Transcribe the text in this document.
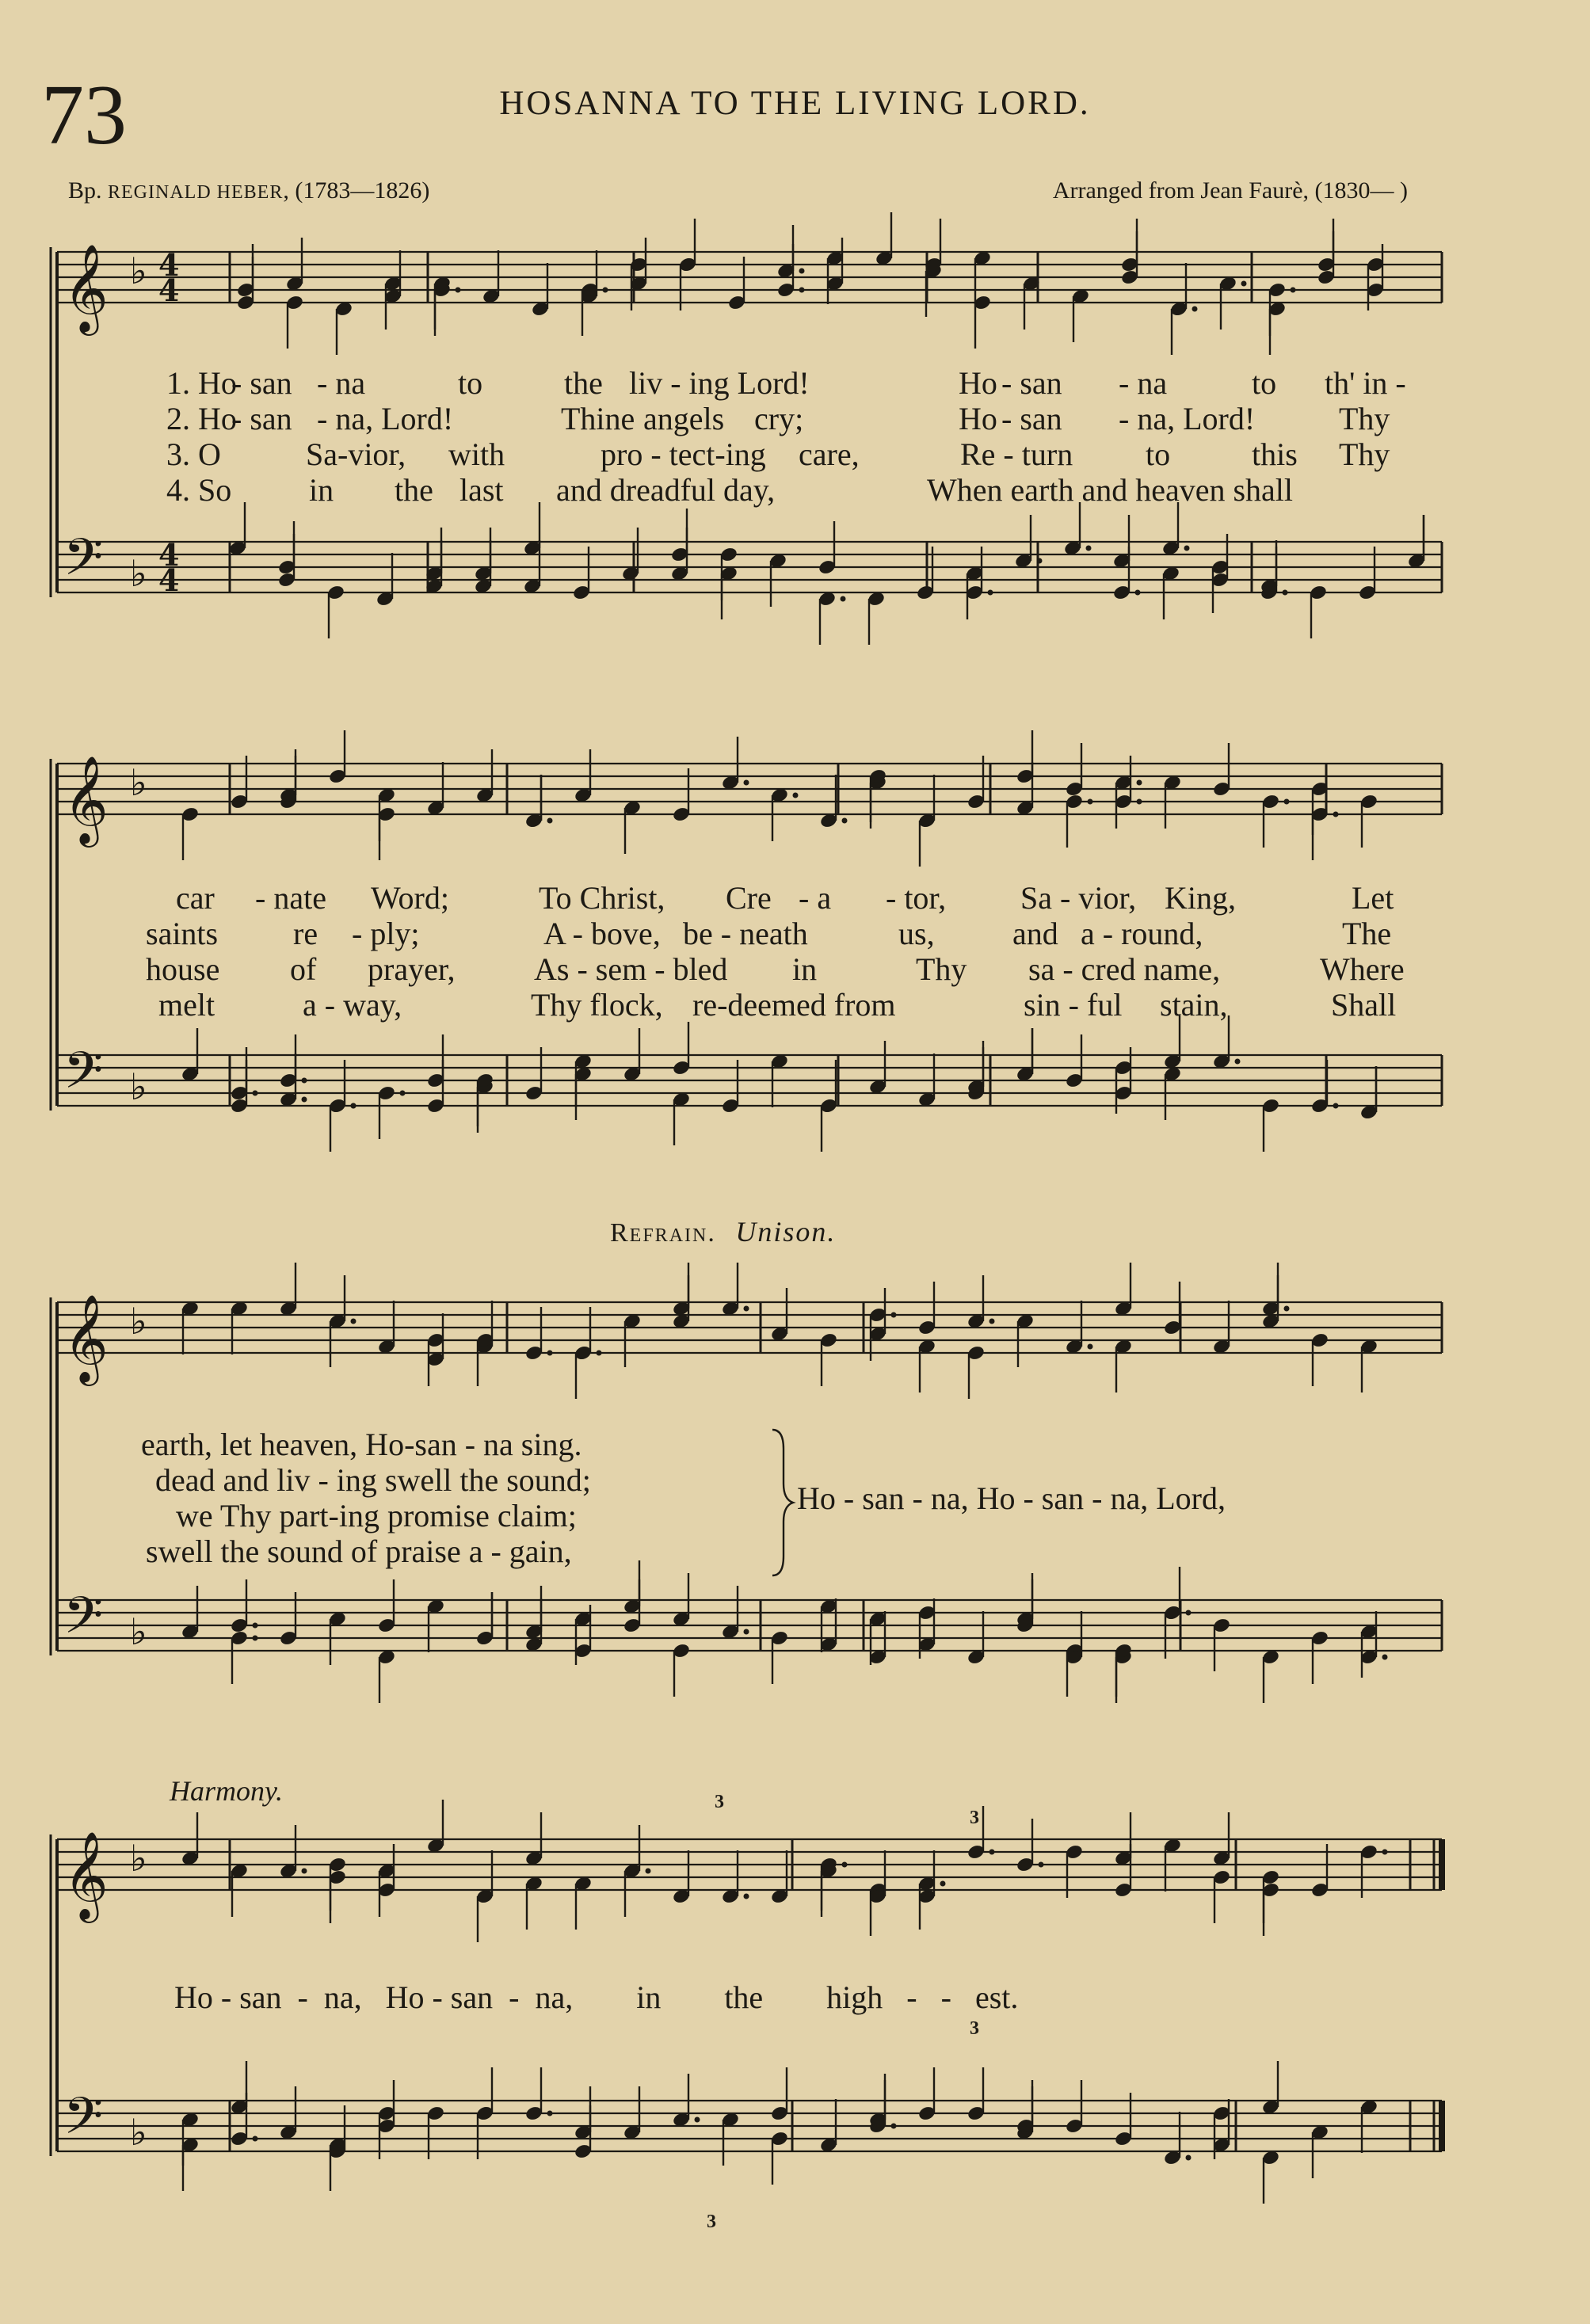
73	HOSANNA TO THE LIVING LORD.
Bp. REGINALD HEBER, (1783—1826)	Arranged from Jean Faurè, (1830— )
𝄞 ♭
𝄢 ♭
4
4
4
4
𝄞 ♭
𝄢 ♭
𝄞 ♭
𝄢 ♭
𝄞 ♭
𝄢 ♭
1. Ho
- san - na	to	the liv - ing Lord!	Ho - san - na	to th' in -
2. Ho
- san - na, Lord!	Thine angels cry;	Ho - san - na, Lord!	Thy
3. O	Sa-vior, with	pro - tect-ing care,	Re - turn to	this Thy
4. So in the last and dreadful day,	When earth and heaven shall
car - nate Word;	To Christ, Cre - a - tor, Sa - vior, King,	Let
saints re - ply;	A - bove, be - neath	us, and a - round,	The
house of prayer, As - sem - bled in	Thy sa - cred name,	Where
melt	a - way,	Thy flock, re-deemed from	sin - ful stain,	Shall
Refrain. Unison.
earth, let heaven, Ho-san - na sing.
dead and liv - ing swell the sound;
we Thy part-ing promise claim;
swell the sound of praise a - gain,
Ho - san - na, Ho - san - na, Lord,
Harmony.
Ho - san  -  na,   Ho - san  -  na,        in        the        high   -   -   est.
3
3
3
3
